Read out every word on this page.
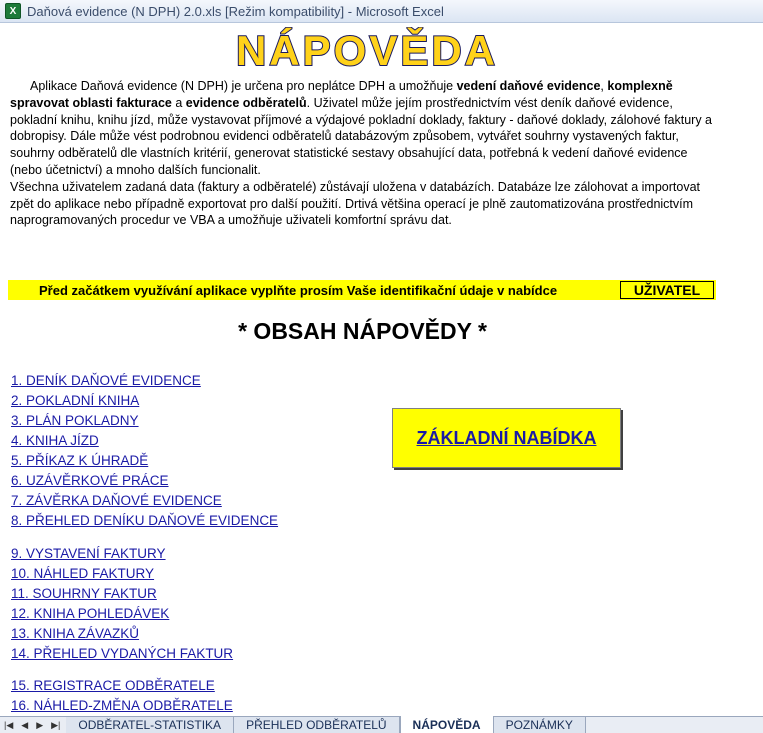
X Daňová evidence (N DPH) 2.0.xls [Režim kompatibility] - Microsoft Excel
NÁPOVĚDA

Aplikace Daňová evidence (N DPH) je určena pro neplátce DPH a umožňuje vedení daňové evidence, komplexně spravovat oblasti fakturace a evidence odběratelů. Uživatel může jejím prostřednictvím vést deník daňové evidence, pokladní knihu, knihu jízd, může vystavovat příjmové a výdajové pokladní doklady, faktury - daňové doklady, zálohové faktury a dobropisy. Dále může vést podrobnou evidenci odběratelů databázovým způsobem, vytvářet souhrny vystavených faktur, souhrny odběratelů dle vlastních kritérií, generovat statistické sestavy obsahující data, potřebná k vedení daňové evidence (nebo účetnictví) a mnoho dalších funcionalit.

Všechna uživatelem zadaná data (faktury a odběratelé) zůstávají uložena v databázích. Databáze lze zálohovat a importovat zpět do aplikace nebo případně exportovat pro další použití. Drtivá většina operací je plně zautomatizována prostřednictvím naprogramovaných procedur ve VBA a umožňuje uživateli komfortní správu dat.

Před začátkem využívání aplikace vyplňte prosím Vaše identifikační údaje v nabídce	UŽIVATEL
* OBSAH NÁPOVĚDY *
1. DENÍK DAŇOVÉ EVIDENCE
2. POKLADNÍ KNIHA
3. PLÁN POKLADNY
4. KNIHA JÍZD
5. PŘÍKAZ K ÚHRADĚ
6. UZÁVĚRKOVÉ PRÁCE
7. ZÁVĚRKA DAŇOVÉ EVIDENCE
8. PŘEHLED DENÍKU DAŇOVÉ EVIDENCE
9. VYSTAVENÍ FAKTURY
10. NÁHLED FAKTURY
11. SOUHRNY FAKTUR
12. KNIHA POHLEDÁVEK
13. KNIHA ZÁVAZKŮ
14. PŘEHLED VYDANÝCH FAKTUR
15. REGISTRACE ODBĚRATELE
16. NÁHLED-ZMĚNA ODBĚRATELE
ZÁKLADNÍ NABÍDKA
|◀ ◀ ▶ ▶|	ODBĚRATEL-STATISTIKA	PŘEHLED ODBĚRATELŮ	NÁPOVĚDA	POZNÁMKY
